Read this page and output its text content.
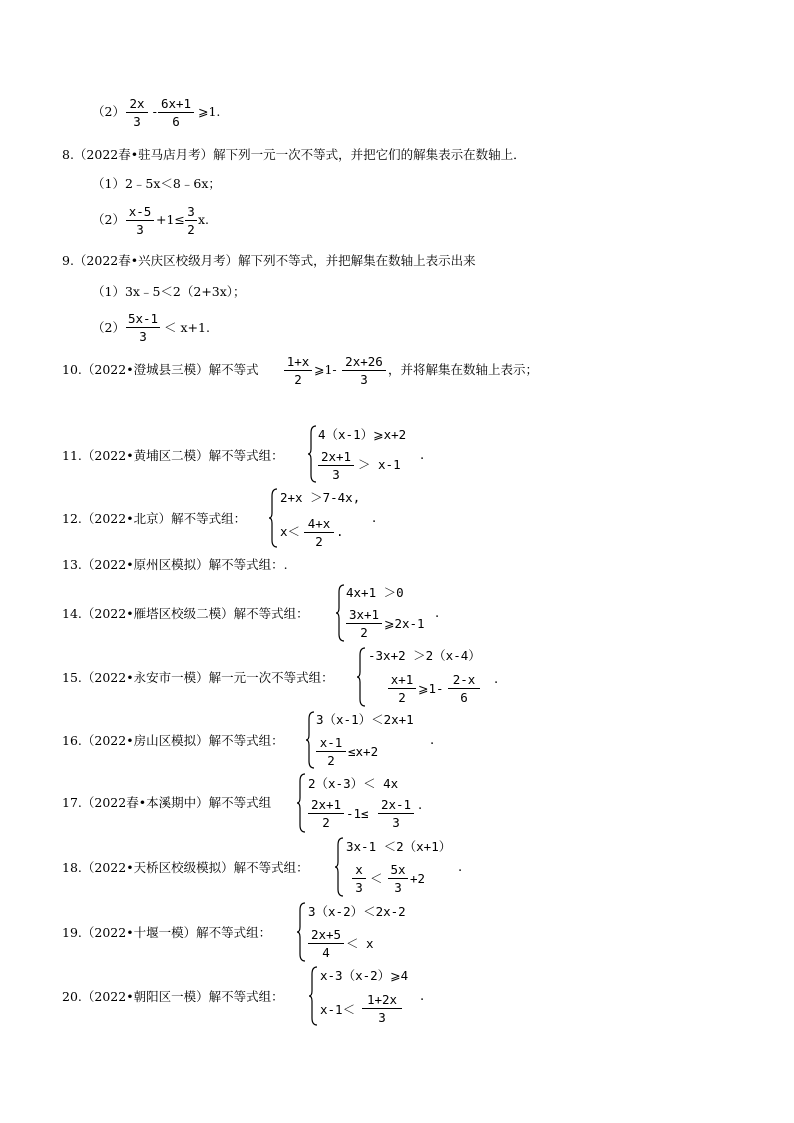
（2）
2x
3
-
6x+1
6
⩾1.
8.（2022春•驻马店月考）解下列一元一次不等式，并把它们的解集表示在数轴上．
（1）2﹣5x＜8﹣6x；
（2）
x-5
3
+1≤
3
2
x.
9.（2022春•兴庆区校级月考）解下列不等式，并把解集在数轴上表示出来
（1）3x﹣5＜2（2+3x）；
（2）
5x-1
3
＜ x+1.
10.（2022•澄城县三模）解不等式
1+x
2
⩾1-
2x+26
3
，并将解集在数轴上表示；
11.（2022•黄埔区二模）解不等式组：
4（x-1）⩾x+2
2x+1
3
＞ x-1
.
12.（2022•北京）解不等式组：
2+x ＞7-4x,
x＜
4+x
2
.
.
13.（2022•原州区模拟）解不等式组：.
14.（2022•雁塔区校级二模）解不等式组：
4x+1 ＞0
3x+1
2
⩾2x-1
.
15.（2022•永安市一模）解一元一次不等式组：
-3x+2 ＞2（x-4）
x+1
2
⩾1-
2-x
6
.
16.（2022•房山区模拟）解不等式组：
3（x-1）＜2x+1
x-1
2
≤x+2
.
17.（2022春•本溪期中）解不等式组
2（x-3）＜ 4x
2x+1
2
-1≤
2x-1
3
.
18.（2022•天桥区校级模拟）解不等式组：
3x-1 ＜2（x+1）
x
3
＜
5x
3
+2
.
19.（2022•十堰一模）解不等式组：
3（x-2）＜2x-2
2x+5
4
＜ x
20.（2022•朝阳区一模）解不等式组：
x-3（x-2）⩾4
x-1＜
1+2x
3
.
